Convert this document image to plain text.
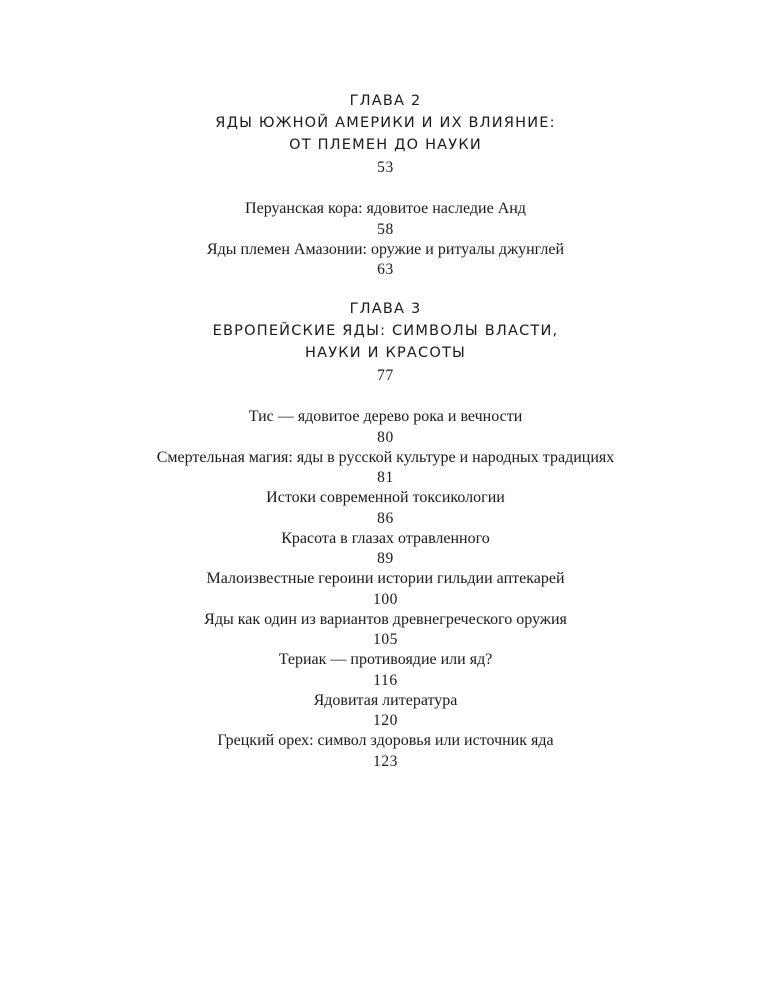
ГЛАВА 2
ЯДЫ ЮЖНОЙ АМЕРИКИ И ИХ ВЛИЯНИЕ:
ОТ ПЛЕМЕН ДО НАУКИ
53
Перуанская кора: ядовитое наследие Анд
58
Яды племен Амазонии: оружие и ритуалы джунглей
63
ГЛАВА 3
ЕВРОПЕЙСКИЕ ЯДЫ: СИМВОЛЫ ВЛАСТИ,
НАУКИ И КРАСОТЫ
77
Тис — ядовитое дерево рока и вечности
80
Смертельная магия: яды в русской культуре и народных традициях
81
Истоки современной токсикологии
86
Красота в глазах отравленного
89
Малоизвестные героини истории гильдии аптекарей
100
Яды как один из вариантов древнегреческого оружия
105
Териак — противоядие или яд?
116
Ядовитая литература
120
Грецкий орех: символ здоровья или источник яда
123
